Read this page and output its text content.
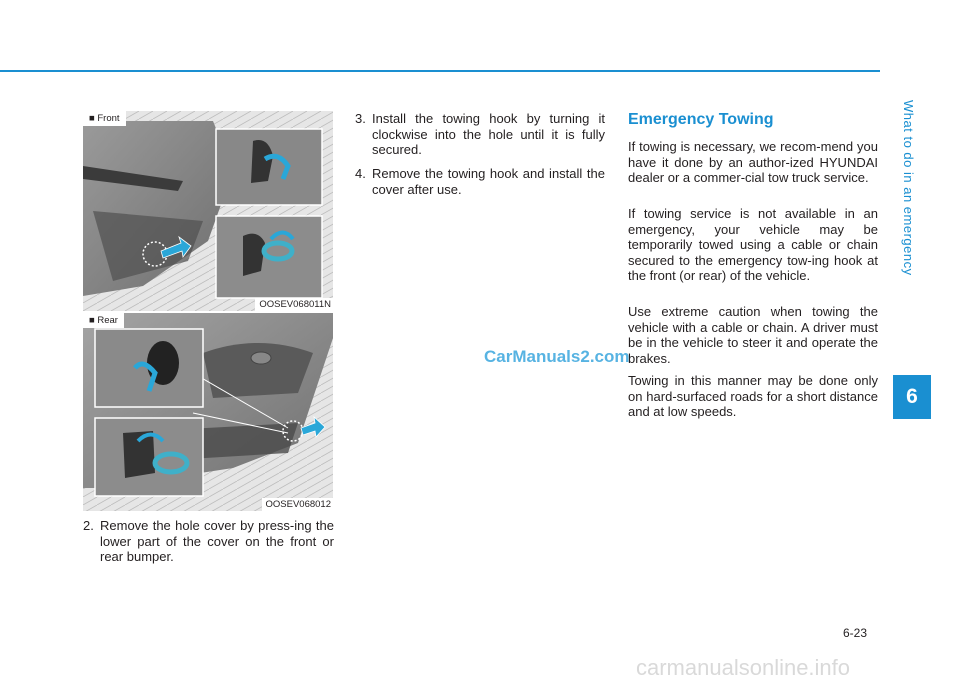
What to do in an emergency
6
■ Front
OOSEV068011N
■ Rear
OOSEV068012
2. Remove the hole cover by press-ing the lower part of the cover on the front or rear bumper.
3. Install the towing hook by turning it clockwise into the hole until it is fully secured.
4. Remove the towing hook and install the cover after use.
Emergency Towing

If towing is necessary, we recom-mend you have it done by an author-ized HYUNDAI dealer or a commer-cial tow truck service.

If towing service is not available in an emergency, your vehicle may be temporarily towed using a cable or chain secured to the emergency tow-ing hook at the front (or rear) of the vehicle.

Use extreme caution when towing the vehicle with a cable or chain. A driver must be in the vehicle to steer it and operate the brakes.

Towing in this manner may be done only on hard-surfaced roads for a short distance and at low speeds.

CarManuals2.com
6-23
carmanualsonline.info
